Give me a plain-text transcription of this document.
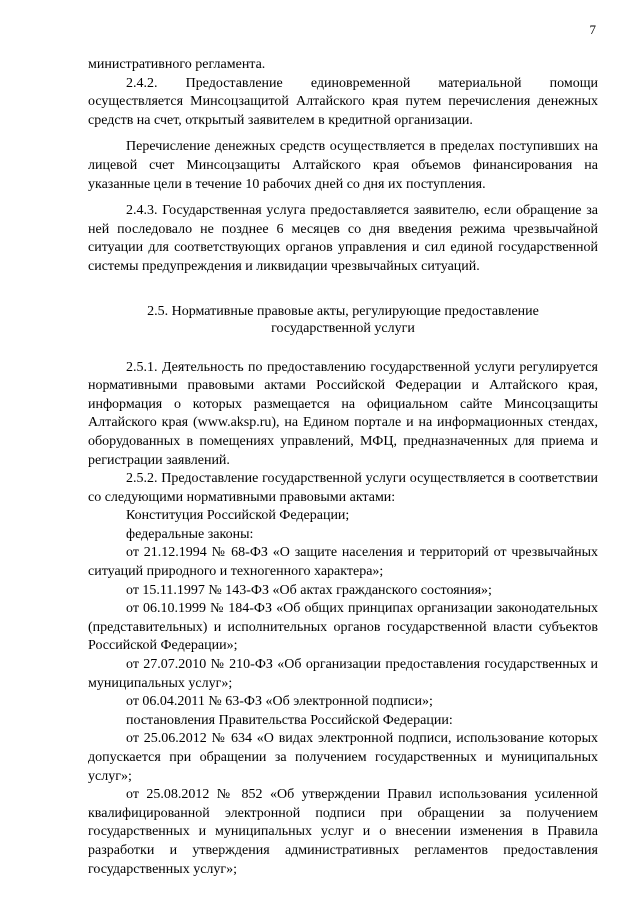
7

министративного регламента.

2.4.2. Предоставление единовременной материальной помощи осуществляется Минсоцзащитой Алтайского края путем перечисления денежных средств на счет, открытый заявителем в кредитной организации.

Перечисление денежных средств осуществляется в пределах поступивших на лицевой счет Минсоцзащиты Алтайского края объемов финансирования на указанные цели в течение 10 рабочих дней со дня их поступления.

2.4.3. Государственная услуга предоставляется заявителю, если обращение за ней последовало не позднее 6 месяцев со дня введения режима чрезвычайной ситуации для соответствующих органов управления и сил единой государственной системы предупреждения и ликвидации чрезвычайных ситуаций.

2.5. Нормативные правовые акты, регулирующие предоставление
государственной услуги

2.5.1. Деятельность по предоставлению государственной услуги регулируется нормативными правовыми актами Российской Федерации и Алтайского края, информация о которых размещается на официальном сайте Минсоцзащиты Алтайского края (www.aksp.ru), на Едином портале и на информационных стендах, оборудованных в помещениях управлений, МФЦ, предназначенных для приема и регистрации заявлений.

2.5.2. Предоставление государственной услуги осуществляется в соответствии со следующими нормативными правовыми актами:

Конституция Российской Федерации;

федеральные законы:

от 21.12.1994 № 68-ФЗ «О защите населения и территорий от чрезвычайных ситуаций природного и техногенного характера»;

от 15.11.1997 № 143-ФЗ «Об актах гражданского состояния»;

от 06.10.1999 № 184-ФЗ «Об общих принципах организации законодательных (представительных) и исполнительных органов государственной власти субъектов Российской Федерации»;

от 27.07.2010 № 210-ФЗ «Об организации предоставления государственных и муниципальных услуг»;

от 06.04.2011 № 63-ФЗ «Об электронной подписи»;

постановления Правительства Российской Федерации:

от 25.06.2012 № 634 «О видах электронной подписи, использование которых допускается при обращении за получением государственных и муниципальных услуг»;

от 25.08.2012 № 852 «Об утверждении Правил использования усиленной квалифицированной электронной подписи при обращении за получением государственных и муниципальных услуг и о внесении изменения в Правила разработки и утверждения административных регламентов предоставления государственных услуг»;
